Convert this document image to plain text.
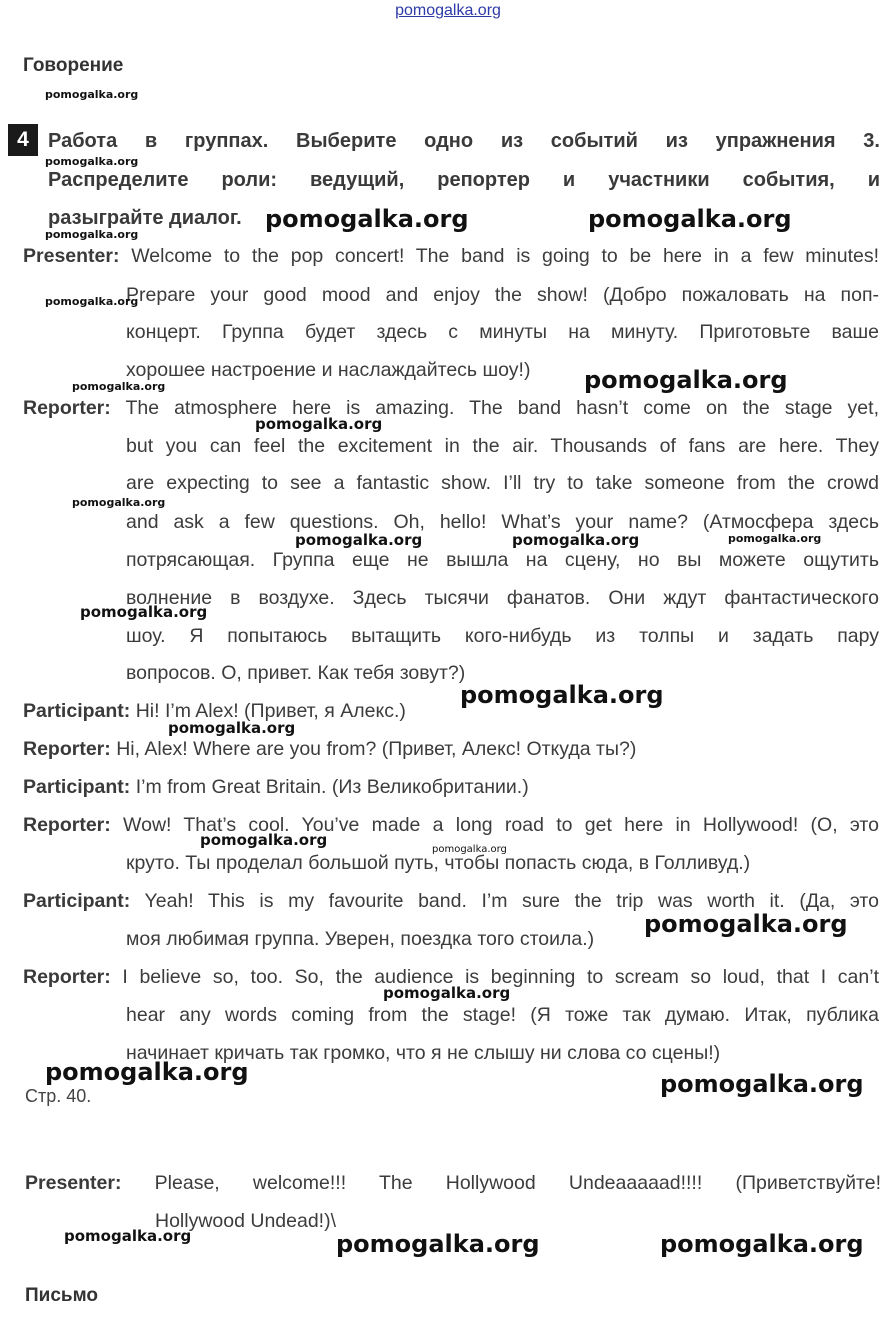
pomogalka.org
Говорение
4 Работа в группах. Выберите одно из событий из упражнения 3.
Распределите роли: ведущий, репортер и участники события, и
разыграйте диалог.
Presenter: Welcome to the pop concert! The band is going to be here in a few minutes!
Prepare your good mood and enjoy the show! (Добро пожаловать на поп-
концерт. Группа будет здесь с минуты на минуту. Приготовьте ваше
хорошее настроение и наслаждайтесь шоу!)
Reporter: The atmosphere here is amazing. The band hasn’t come on the stage yet,
but you can feel the excitement in the air. Thousands of fans are here. They
are expecting to see a fantastic show. I’ll try to take someone from the crowd
and ask a few questions. Oh, hello! What’s your name? (Атмосфера здесь
потрясающая. Группа еще не вышла на сцену, но вы можете ощутить
волнение в воздухе. Здесь тысячи фанатов. Они ждут фантастического
шоу. Я попытаюсь вытащить кого-нибудь из толпы и задать пару
вопросов. О, привет. Как тебя зовут?)
Participant: Hi! I’m Alex! (Привет, я Алекс.)
Reporter: Hi, Alex! Where are you from? (Привет, Алекс! Откуда ты?)
Participant: I’m from Great Britain. (Из Великобритании.)
Reporter: Wow! That’s cool. You’ve made a long road to get here in Hollywood! (О, это
круто. Ты проделал большой путь, чтобы попасть сюда, в Голливуд.)
Participant: Yeah! This is my favourite band. I’m sure the trip was worth it. (Да, это
моя любимая группа. Уверен, поездка того стоила.)
Reporter: I believe so, too. So, the audience is beginning to scream so loud, that I can’t
hear any words coming from the stage! (Я тоже так думаю. Итак, публика
начинает кричать так громко, что я не слышу ни слова со сцены!)
Стр. 40.
Presenter: Please, welcome!!! The Hollywood Undeaaaaad!!!! (Приветствуйте!
Hollywood Undead!)\
Письмо
pomogalka.org
pomogalka.org
pomogalka.org
pomogalka.org	pomogalka.org
pomogalka.org
pomogalka.org	pomogalka.org
pomogalka.org
pomogalka.org
pomogalka.org	pomogalka.org	pomogalka.org
pomogalka.org
pomogalka.org
pomogalka.org
pomogalka.org
pomogalka.org
pomogalka.org
pomogalka.org
pomogalka.org	pomogalka.org
pomogalka.org	pomogalka.org	pomogalka.org
